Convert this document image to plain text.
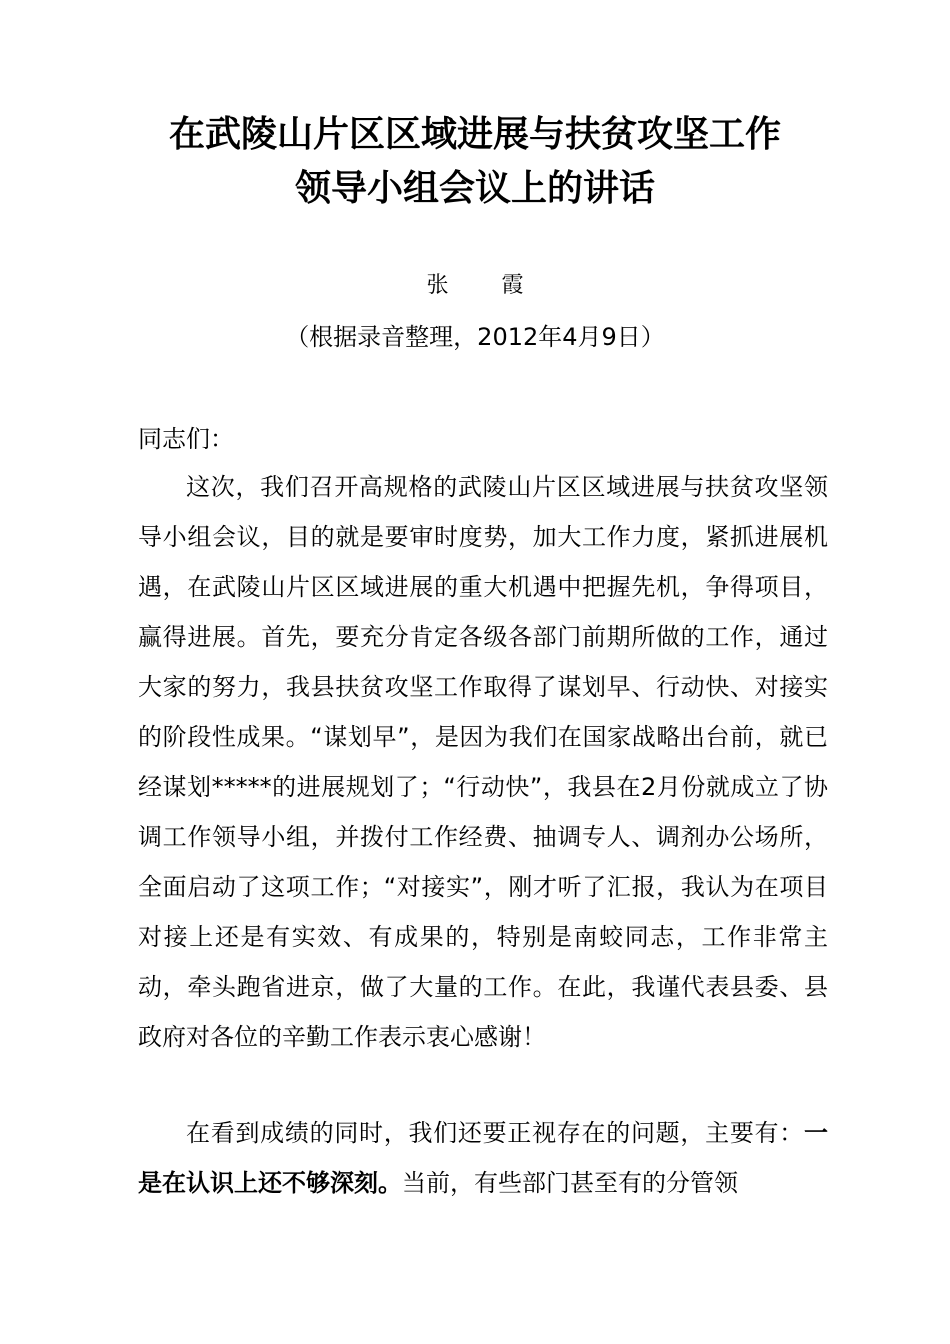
在武陵山片区区域进展与扶贫攻坚工作
领导小组会议上的讲话
张    霞
（根据录音整理，2012年4月9日）
同志们：

这次，我们召开高规格的武陵山片区区域进展与扶贫攻坚领导小组会议，目的就是要审时度势，加大工作力度，紧抓进展机遇，在武陵山片区区域进展的重大机遇中把握先机，争得项目，赢得进展。首先，要充分肯定各级各部门前期所做的工作，通过大家的努力，我县扶贫攻坚工作取得了谋划早、行动快、对接实的阶段性成果。“谋划早”，是因为我们在国家战略出台前，就已经谋划*****的进展规划了；“行动快”，我县在2月份就成立了协调工作领导小组，并拨付工作经费、抽调专人、调剂办公场所，全面启动了这项工作；“对接实”，刚才听了汇报，我认为在项目对接上还是有实效、有成果的，特别是南蛟同志，工作非常主动，牵头跑省进京，做了大量的工作。在此，我谨代表县委、县政府对各位的辛勤工作表示衷心感谢！

在看到成绩的同时，我们还要正视存在的问题，主要有：一是在认识上还不够深刻。当前，有些部门甚至有的分管领
